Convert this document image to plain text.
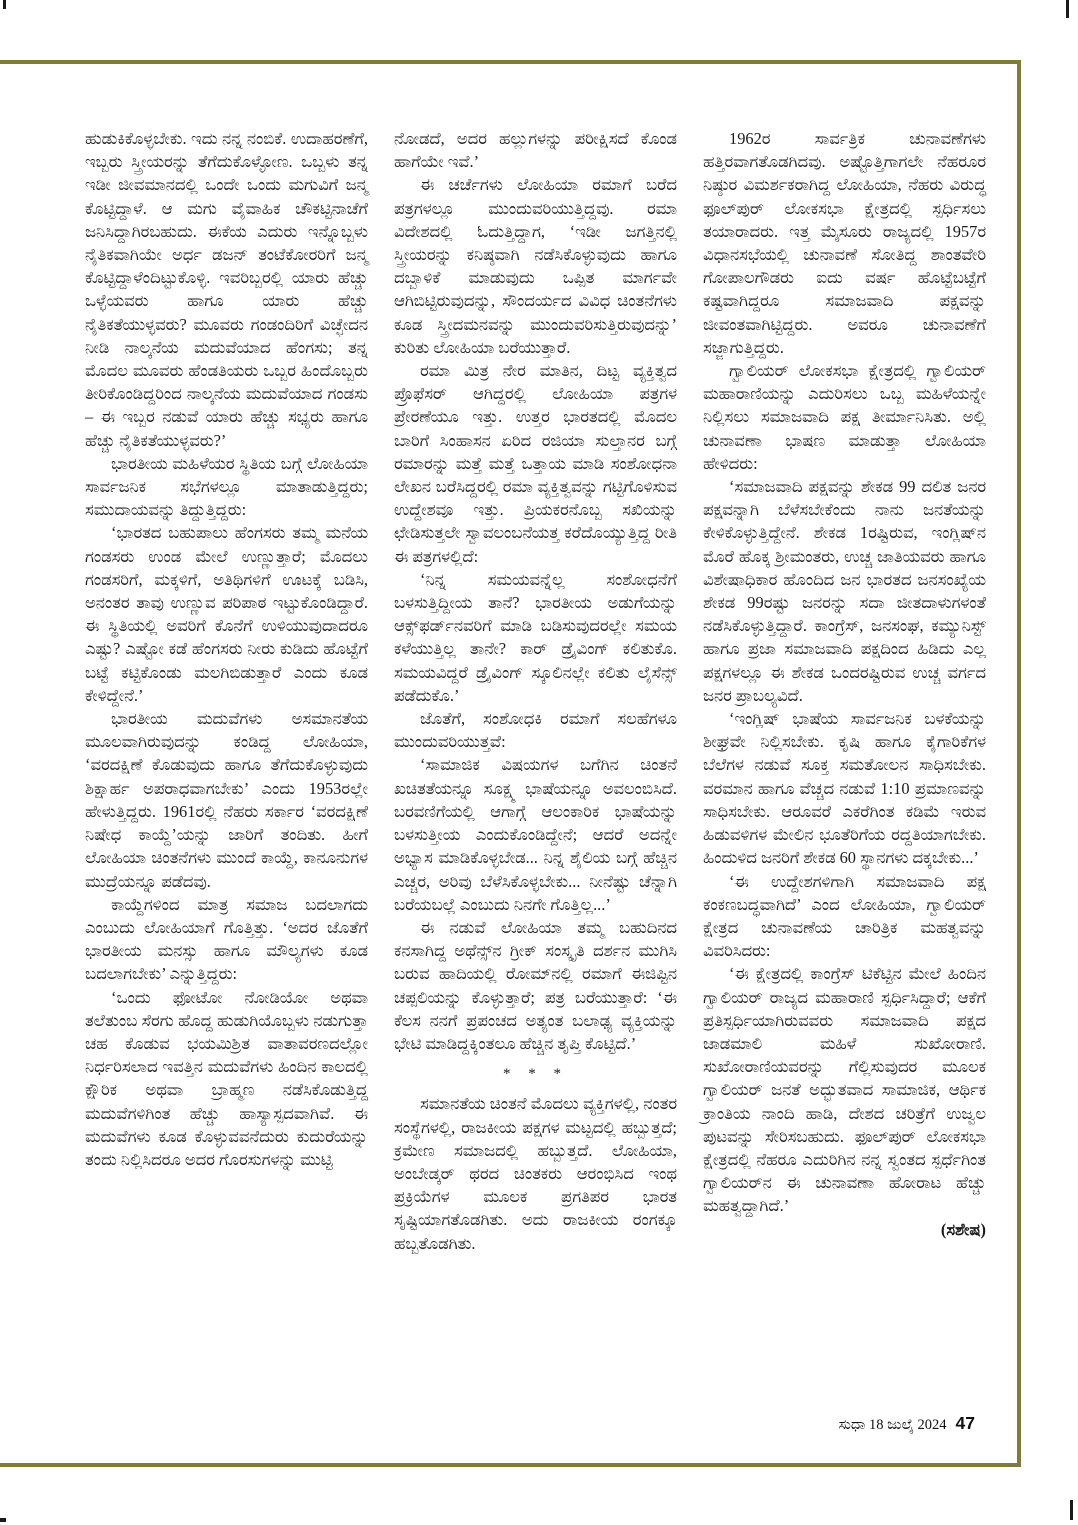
ಹುಡುಕಿಕೊಳ್ಳಬೇಕು. ಇದು ನನ್ನ ನಂಬಿಕೆ. ಉದಾಹರಣೆಗೆ, ಇಬ್ಬರು ಸ್ತ್ರೀಯರನ್ನು ತೆಗೆದುಕೊಳ್ಳೋಣ. ಒಬ್ಬಳು ತನ್ನ ಇಡೀ ಜೀವಮಾನದಲ್ಲಿ ಒಂದೇ ಒಂದು ಮಗುವಿಗೆ ಜನ್ಮ ಕೊಟ್ಟಿದ್ದಾಳೆ. ಆ ಮಗು ವೈವಾಹಿಕ ಚೌಕಟ್ಟಿನಾಚೆಗೆ ಜನಿಸಿದ್ದಾಗಿರಬಹುದು. ಈಕೆಯ ಎದುರು ಇನ್ನೊಬ್ಬಳು ನೈತಿಕವಾಗಿಯೇ ಅರ್ಧ ಡಜನ್ ತಂಟೆಕೋರರಿಗೆ ಜನ್ಮ ಕೊಟ್ಟಿದ್ದಾಳೆಂದಿಟ್ಟುಕೊಳ್ಳಿ. ಇವರಿಬ್ಬರಲ್ಲಿ ಯಾರು ಹೆಚ್ಚು ಒಳ್ಳೆಯವರು ಹಾಗೂ ಯಾರು ಹೆಚ್ಚು ನೈತಿಕತೆಯುಳ್ಳವರು? ಮೂವರು ಗಂಡಂದಿರಿಗೆ ವಿಚ್ಛೇದನ ನೀಡಿ ನಾಲ್ಕನೆಯ ಮದುವೆಯಾದ ಹೆಂಗಸು; ತನ್ನ ಮೊದಲ ಮೂವರು ಹೆಂಡತಿಯರು ಒಬ್ಬರ ಹಿಂದೊಬ್ಬರು ತೀರಿಕೊಂಡಿದ್ದರಿಂದ ನಾಲ್ಕನೆಯ ಮದುವೆಯಾದ ಗಂಡಸು – ಈ ಇಬ್ಬರ ನಡುವೆ ಯಾರು ಹೆಚ್ಚು ಸಭ್ಯರು ಹಾಗೂ ಹೆಚ್ಚು ನೈತಿಕತೆಯುಳ್ಳವರು?’

ಭಾರತೀಯ ಮಹಿಳೆಯರ ಸ್ಥಿತಿಯ ಬಗ್ಗೆ ಲೋಹಿಯಾ ಸಾರ್ವಜನಿಕ ಸಭೆಗಳಲ್ಲೂ ಮಾತಾಡುತ್ತಿದ್ದರು; ಸಮುದಾಯವನ್ನು ತಿದ್ದುತ್ತಿದ್ದರು:

‘ಭಾರತದ ಬಹುಪಾಲು ಹೆಂಗಸರು ತಮ್ಮ ಮನೆಯ ಗಂಡಸರು ಉಂಡ ಮೇಲೆ ಉಣ್ಣುತ್ತಾರೆ; ಮೊದಲು ಗಂಡಸರಿಗೆ, ಮಕ್ಕಳಿಗೆ, ಅತಿಥಿಗಳಿಗೆ ಊಟಕ್ಕೆ ಬಡಿಸಿ, ಅನಂತರ ತಾವು ಉಣ್ಣುವ ಪರಿಪಾಠ ಇಟ್ಟುಕೊಂಡಿದ್ದಾರೆ. ಈ ಸ್ಥಿತಿಯಲ್ಲಿ ಅವರಿಗೆ ಕೊನೆಗೆ ಉಳಿಯುವುದಾದರೂ ಎಷ್ಟು? ಎಷ್ಟೋ ಕಡೆ ಹೆಂಗಸರು ನೀರು ಕುಡಿದು ಹೊಟ್ಟೆಗೆ ಬಟ್ಟೆ ಕಟ್ಟಿಕೊಂಡು ಮಲಗಿಬಿಡುತ್ತಾರೆ ಎಂದು ಕೂಡ ಕೇಳಿದ್ದೇನೆ.’

ಭಾರತೀಯ ಮದುವೆಗಳು ಅಸಮಾನತೆಯ ಮೂಲವಾಗಿರುವುದನ್ನು ಕಂಡಿದ್ದ ಲೋಹಿಯಾ, ‘ವರದಕ್ಷಿಣೆ ಕೊಡುವುದು ಹಾಗೂ ತೆಗೆದುಕೊಳ್ಳುವುದು ಶಿಕ್ಷಾರ್ಹ ಅಪರಾಧವಾಗಬೇಕು’ ಎಂದು 1953ರಲ್ಲೇ ಹೇಳುತ್ತಿದ್ದರು. 1961ರಲ್ಲಿ ನೆಹರು ಸರ್ಕಾರ ‘ವರದಕ್ಷಿಣೆ ನಿಷೇಧ ಕಾಯ್ದೆ’ಯನ್ನು ಜಾರಿಗೆ ತಂದಿತು. ಹೀಗೆ ಲೋಹಿಯಾ ಚಿಂತನೆಗಳು ಮುಂದೆ ಕಾಯ್ದೆ, ಕಾನೂನುಗಳ ಮುದ್ರೆಯನ್ನೂ ಪಡೆದವು.

ಕಾಯ್ದೆಗಳಿಂದ ಮಾತ್ರ ಸಮಾಜ ಬದಲಾಗದು ಎಂಬುದು ಲೋಹಿಯಾಗೆ ಗೊತ್ತಿತ್ತು. ‘ಅದರ ಜೊತೆಗೆ ಭಾರತೀಯ ಮನಸ್ಸು ಹಾಗೂ ಮೌಲ್ಯಗಳು ಕೂಡ ಬದಲಾಗಬೇಕು’ ಎನ್ನುತ್ತಿದ್ದರು:

‘ಒಂದು ಫೋಟೋ ನೋಡಿಯೋ ಅಥವಾ ತಲೆತುಂಬ ಸೆರಗು ಹೊದ್ದ ಹುಡುಗಿಯೊಬ್ಬಳು ನಡುಗುತ್ತಾ ಚಹ ಕೊಡುವ ಭಯಮಿಶ್ರಿತ ವಾತಾವರಣದಲ್ಲೋ ನಿರ್ಧರಿಸಲಾದ ಇವತ್ತಿನ ಮದುವೆಗಳು ಹಿಂದಿನ ಕಾಲದಲ್ಲಿ ಕ್ಷೌರಿಕ ಅಥವಾ ಬ್ರಾಹ್ಮಣ ನಡೆಸಿಕೊಡುತ್ತಿದ್ದ ಮದುವೆಗಳಿಗಿಂತ ಹೆಚ್ಚು ಹಾಸ್ಯಾಸ್ಪದವಾಗಿವೆ. ಈ ಮದುವೆಗಳು ಕೂಡ ಕೊಳ್ಳುವವನೆದುರು ಕುದುರೆಯನ್ನು ತಂದು ನಿಲ್ಲಿಸಿದರೂ ಅದರ ಗೊರಸುಗಳನ್ನು ಮುಟ್ಟಿ

ನೋಡದೆ, ಅದರ ಹಲ್ಲುಗಳನ್ನು ಪರೀಕ್ಷಿಸದೆ ಕೊಂಡ ಹಾಗೆಯೇ ಇವೆ.’

ಈ ಚರ್ಚೆಗಳು ಲೋಹಿಯಾ ರಮಾಗೆ ಬರೆದ ಪತ್ರಗಳಲ್ಲೂ ಮುಂದುವರಿಯುತ್ತಿದ್ದವು. ರಮಾ ವಿದೇಶದಲ್ಲಿ ಓದುತ್ತಿದ್ದಾಗ, ‘ಇಡೀ ಜಗತ್ತಿನಲ್ಲಿ ಸ್ತ್ರೀಯರನ್ನು ಕನಿಷ್ಠವಾಗಿ ನಡೆಸಿಕೊಳ್ಳುವುದು ಹಾಗೂ ದಬ್ಬಾಳಿಕೆ ಮಾಡುವುದು ಒಪ್ಪಿತ ಮಾರ್ಗವೇ ಆಗಿಬಿಟ್ಟಿರುವುದನ್ನು, ಸೌಂದರ್ಯದ ವಿವಿಧ ಚಿಂತನೆಗಳು ಕೂಡ ಸ್ತ್ರೀದಮನವನ್ನು ಮುಂದುವರಿಸುತ್ತಿರುವುದನ್ನು’ ಕುರಿತು ಲೋಹಿಯಾ ಬರೆಯುತ್ತಾರೆ.

ರಮಾ ಮಿತ್ರ ನೇರ ಮಾತಿನ, ದಿಟ್ಟ ವ್ಯಕ್ತಿತ್ವದ ಪ್ರೊಫೆಸರ್ ಆಗಿದ್ದರಲ್ಲಿ ಲೋಹಿಯಾ ಪತ್ರಗಳ ಪ್ರೇರಣೆಯೂ ಇತ್ತು. ಉತ್ತರ ಭಾರತದಲ್ಲಿ ಮೊದಲ ಬಾರಿಗೆ ಸಿಂಹಾಸನ ಏರಿದ ರಜಿಯಾ ಸುಲ್ತಾನರ ಬಗ್ಗೆ ರಮಾರನ್ನು ಮತ್ತೆ ಮತ್ತೆ ಒತ್ತಾಯ ಮಾಡಿ ಸಂಶೋಧನಾ ಲೇಖನ ಬರೆಸಿದ್ದರಲ್ಲಿ ರಮಾ ವ್ಯಕ್ತಿತ್ವವನ್ನು ಗಟ್ಟಿಗೊಳಿಸುವ ಉದ್ದೇಶವೂ ಇತ್ತು. ಪ್ರಿಯಕರನೊಬ್ಬ ಸಖಿಯನ್ನು ಛೇಡಿಸುತ್ತಲೇ ಸ್ವಾವಲಂಬನೆಯತ್ತ ಕರೆದೊಯ್ಯುತ್ತಿದ್ದ ರೀತಿ ಈ ಪತ್ರಗಳಲ್ಲಿದೆ:

‘ನಿನ್ನ ಸಮಯವನ್ನೆಲ್ಲ ಸಂಶೋಧನೆಗೆ ಬಳಸುತ್ತಿದ್ದೀಯ ತಾನೆ? ಭಾರತೀಯ ಅಡುಗೆಯನ್ನು ಆಕ್ಸ್‌ಫರ್ಡ್‌ನವರಿಗೆ ಮಾಡಿ ಬಡಿಸುವುದರಲ್ಲೇ ಸಮಯ ಕಳೆಯುತ್ತಿಲ್ಲ ತಾನೇ? ಕಾರ್ ಡ್ರೈವಿಂಗ್ ಕಲಿತುಕೊ. ಸಮಯವಿದ್ದರೆ ಡ್ರೈವಿಂಗ್ ಸ್ಕೂಲಿನಲ್ಲೇ ಕಲಿತು ಲೈಸೆನ್ಸ್ ಪಡೆದುಕೊ.’

ಜೊತೆಗೆ, ಸಂಶೋಧಕಿ ರಮಾಗೆ ಸಲಹೆಗಳೂ ಮುಂದುವರಿಯುತ್ತವೆ:

‘ಸಾಮಾಜಿಕ ವಿಷಯಗಳ ಬಗೆಗಿನ ಚಿಂತನೆ ಖಚಿತತೆಯನ್ನೂ ಸೂಕ್ಷ್ಮ ಭಾಷೆಯನ್ನೂ ಅವಲಂಬಿಸಿದೆ. ಬರವಣಿಗೆಯಲ್ಲಿ ಆಗಾಗ್ಗೆ ಆಲಂಕಾರಿಕ ಭಾಷೆಯನ್ನು ಬಳಸುತ್ತೀಯ ಎಂದುಕೊಂಡಿದ್ದೇನೆ; ಆದರೆ ಅದನ್ನೇ ಅಭ್ಯಾಸ ಮಾಡಿಕೊಳ್ಳಬೇಡ... ನಿನ್ನ ಶೈಲಿಯ ಬಗ್ಗೆ ಹೆಚ್ಚಿನ ಎಚ್ಚರ, ಅರಿವು ಬೆಳೆಸಿಕೊಳ್ಳಬೇಕು... ನೀನೆಷ್ಟು ಚೆನ್ನಾಗಿ ಬರೆಯಬಲ್ಲೆ ಎಂಬುದು ನಿನಗೇ ಗೊತ್ತಿಲ್ಲ...’

ಈ ನಡುವೆ ಲೋಹಿಯಾ ತಮ್ಮ ಬಹುದಿನದ ಕನಸಾಗಿದ್ದ ಅಥೆನ್ಸ್‌ನ ಗ್ರೀಕ್ ಸಂಸ್ಕೃತಿ ದರ್ಶನ ಮುಗಿಸಿ ಬರುವ ಹಾದಿಯಲ್ಲಿ ರೋಮ್‌ನಲ್ಲಿ ರಮಾಗೆ ಈಜಿಪ್ಟಿನ ಚಪ್ಪಲಿಯನ್ನು ಕೊಳ್ಳುತ್ತಾರೆ; ಪತ್ರ ಬರೆಯುತ್ತಾರೆ: ‘ಈ ಕೆಲಸ ನನಗೆ ಪ್ರಪಂಚದ ಅತ್ಯಂತ ಬಲಾಢ್ಯ ವ್ಯಕ್ತಿಯನ್ನು ಭೇಟಿ ಮಾಡಿದ್ದಕ್ಕಿಂತಲೂ ಹೆಚ್ಚಿನ ತೃಪ್ತಿ ಕೊಟ್ಟಿದೆ.’

* * *

ಸಮಾನತೆಯ ಚಿಂತನೆ ಮೊದಲು ವ್ಯಕ್ತಿಗಳಲ್ಲಿ, ನಂತರ ಸಂಸ್ಥೆಗಳಲ್ಲಿ, ರಾಜಕೀಯ ಪಕ್ಷಗಳ ಮಟ್ಟದಲ್ಲಿ ಹಬ್ಬುತ್ತದೆ; ಕ್ರಮೇಣ ಸಮಾಜದಲ್ಲಿ ಹಬ್ಬುತ್ತದೆ. ಲೋಹಿಯಾ, ಅಂಬೇಡ್ಕರ್ ಥರದ ಚಿಂತಕರು ಆರಂಭಿಸಿದ ಇಂಥ ಪ್ರಕ್ರಿಯೆಗಳ ಮೂಲಕ ಪ್ರಗತಿಪರ ಭಾರತ ಸೃಷ್ಟಿಯಾಗತೊಡಗಿತು. ಅದು ರಾಜಕೀಯ ರಂಗಕ್ಕೂ ಹಬ್ಬತೊಡಗಿತು.

1962ರ ಸಾರ್ವತ್ರಿಕ ಚುನಾವಣೆಗಳು ಹತ್ತಿರವಾಗತೊಡಗಿದವು. ಅಷ್ಟೊತ್ತಿಗಾಗಲೇ ನೆಹರೂರ ನಿಷ್ಠುರ ವಿಮರ್ಶಕರಾಗಿದ್ದ ಲೋಹಿಯಾ, ನೆಹರು ವಿರುದ್ಧ ಫೂಲ್‌ಪುರ್ ಲೋಕಸಭಾ ಕ್ಷೇತ್ರದಲ್ಲಿ ಸ್ಪರ್ಧಿಸಲು ತಯಾರಾದರು. ಇತ್ತ ಮೈಸೂರು ರಾಜ್ಯದಲ್ಲಿ 1957ರ ವಿಧಾನಸಭೆಯಲ್ಲಿ ಚುನಾವಣೆ ಸೋತಿದ್ದ ಶಾಂತವೇರಿ ಗೋಪಾಲಗೌಡರು ಐದು ವರ್ಷ ಹೊಟ್ಟೆಬಟ್ಟೆಗೆ ಕಷ್ಟವಾಗಿದ್ದರೂ ಸಮಾಜವಾದಿ ಪಕ್ಷವನ್ನು ಜೀವಂತವಾಗಿಟ್ಟಿದ್ದರು. ಅವರೂ ಚುನಾವಣೆಗೆ ಸಜ್ಜಾಗುತ್ತಿದ್ದರು.

ಗ್ವಾಲಿಯರ್ ಲೋಕಸಭಾ ಕ್ಷೇತ್ರದಲ್ಲಿ ಗ್ವಾಲಿಯರ್ ಮಹಾರಾಣಿಯನ್ನು ಎದುರಿಸಲು ಒಬ್ಬ ಮಹಿಳೆಯನ್ನೇ ನಿಲ್ಲಿಸಲು ಸಮಾಜವಾದಿ ಪಕ್ಷ ತೀರ್ಮಾನಿಸಿತು. ಅಲ್ಲಿ ಚುನಾವಣಾ ಭಾಷಣ ಮಾಡುತ್ತಾ ಲೋಹಿಯಾ ಹೇಳಿದರು:

‘ಸಮಾಜವಾದಿ ಪಕ್ಷವನ್ನು ಶೇಕಡ 99 ದಲಿತ ಜನರ ಪಕ್ಷವನ್ನಾಗಿ ಬೆಳೆಸಬೇಕೆಂದು ನಾನು ಜನತೆಯನ್ನು ಕೇಳಿಕೊಳ್ಳುತ್ತಿದ್ದೇನೆ. ಶೇಕಡ 1ರಷ್ಟಿರುವ, ಇಂಗ್ಲಿಷ್‌ನ ಮೊರೆ ಹೊಕ್ಕ ಶ್ರೀಮಂತರು, ಉಚ್ಚ ಜಾತಿಯವರು ಹಾಗೂ ವಿಶೇಷಾಧಿಕಾರ ಹೊಂದಿದ ಜನ ಭಾರತದ ಜನಸಂಖ್ಯೆಯ ಶೇಕಡ 99ರಷ್ಟು ಜನರನ್ನು ಸದಾ ಜೀತದಾಳುಗಳಂತೆ ನಡೆಸಿಕೊಳ್ಳುತ್ತಿದ್ದಾರೆ. ಕಾಂಗ್ರೆಸ್, ಜನಸಂಘ, ಕಮ್ಯುನಿಸ್ಟ್ ಹಾಗೂ ಪ್ರಜಾ ಸಮಾಜವಾದಿ ಪಕ್ಷದಿಂದ ಹಿಡಿದು ಎಲ್ಲ ಪಕ್ಷಗಳಲ್ಲೂ ಈ ಶೇಕಡ ಒಂದರಷ್ಟಿರುವ ಉಚ್ಚ ವರ್ಗದ ಜನರ ಪ್ರಾಬಲ್ಯವಿದೆ.

‘ಇಂಗ್ಲಿಷ್ ಭಾಷೆಯ ಸಾರ್ವಜನಿಕ ಬಳಕೆಯನ್ನು ಶೀಘ್ರವೇ ನಿಲ್ಲಿಸಬೇಕು. ಕೃಷಿ ಹಾಗೂ ಕೈಗಾರಿಕೆಗಳ ಬೆಲೆಗಳ ನಡುವೆ ಸೂಕ್ತ ಸಮತೋಲನ ಸಾಧಿಸಬೇಕು. ವರಮಾನ ಹಾಗೂ ವೆಚ್ಚದ ನಡುವೆ 1:10 ಪ್ರಮಾಣವನ್ನು ಸಾಧಿಸಬೇಕು. ಆರೂವರೆ ಎಕರೆಗಿಂತ ಕಡಿಮೆ ಇರುವ ಹಿಡುವಳಿಗಳ ಮೇಲಿನ ಭೂತೆರಿಗೆಯ ರದ್ದತಿಯಾಗಬೇಕು. ಹಿಂದುಳಿದ ಜನರಿಗೆ ಶೇಕಡ 60 ಸ್ಥಾನಗಳು ದಕ್ಕಬೇಕು...’

‘ಈ ಉದ್ದೇಶಗಳಿಗಾಗಿ ಸಮಾಜವಾದಿ ಪಕ್ಷ ಕಂಕಣಬದ್ಧವಾಗಿದೆ’ ಎಂದ ಲೋಹಿಯಾ, ಗ್ವಾಲಿಯರ್ ಕ್ಷೇತ್ರದ ಚುನಾವಣೆಯ ಚಾರಿತ್ರಿಕ ಮಹತ್ವವನ್ನು ವಿವರಿಸಿದರು:

‘ಈ ಕ್ಷೇತ್ರದಲ್ಲಿ ಕಾಂಗ್ರೆಸ್ ಟಿಕೆಟ್ಟಿನ ಮೇಲೆ ಹಿಂದಿನ ಗ್ವಾಲಿಯರ್ ರಾಜ್ಯದ ಮಹಾರಾಣಿ ಸ್ಪರ್ಧಿಸಿದ್ದಾರೆ; ಆಕೆಗೆ ಪ್ರತಿಸ್ಪರ್ಧಿಯಾಗಿರುವವರು ಸಮಾಜವಾದಿ ಪಕ್ಷದ ಜಾಡಮಾಲಿ ಮಹಿಳೆ ಸುಖೋರಾಣಿ. ಸುಖೋರಾಣಿಯವರನ್ನು ಗೆಲ್ಲಿಸುವುದರ ಮೂಲಕ ಗ್ವಾಲಿಯರ್ ಜನತೆ ಅದ್ಭುತವಾದ ಸಾಮಾಜಿಕ, ಆರ್ಥಿಕ ಕ್ರಾಂತಿಯ ನಾಂದಿ ಹಾಡಿ, ದೇಶದ ಚರಿತ್ರೆಗೆ ಉಜ್ವಲ ಪುಟವನ್ನು ಸೇರಿಸಬಹುದು. ಫೂಲ್‌ಪುರ್ ಲೋಕಸಭಾ ಕ್ಷೇತ್ರದಲ್ಲಿ ನೆಹರೂ ಎದುರಿಗಿನ ನನ್ನ ಸ್ವಂತದ ಸ್ಪರ್ಧೆಗಿಂತ ಗ್ವಾಲಿಯರ್‌ನ ಈ ಚುನಾವಣಾ ಹೋರಾಟ ಹೆಚ್ಚು ಮಹತ್ವದ್ದಾಗಿದೆ.’

(ಸಶೇಷ)

ಸುಧಾ 18 ಜುಲೈ 2024 47
